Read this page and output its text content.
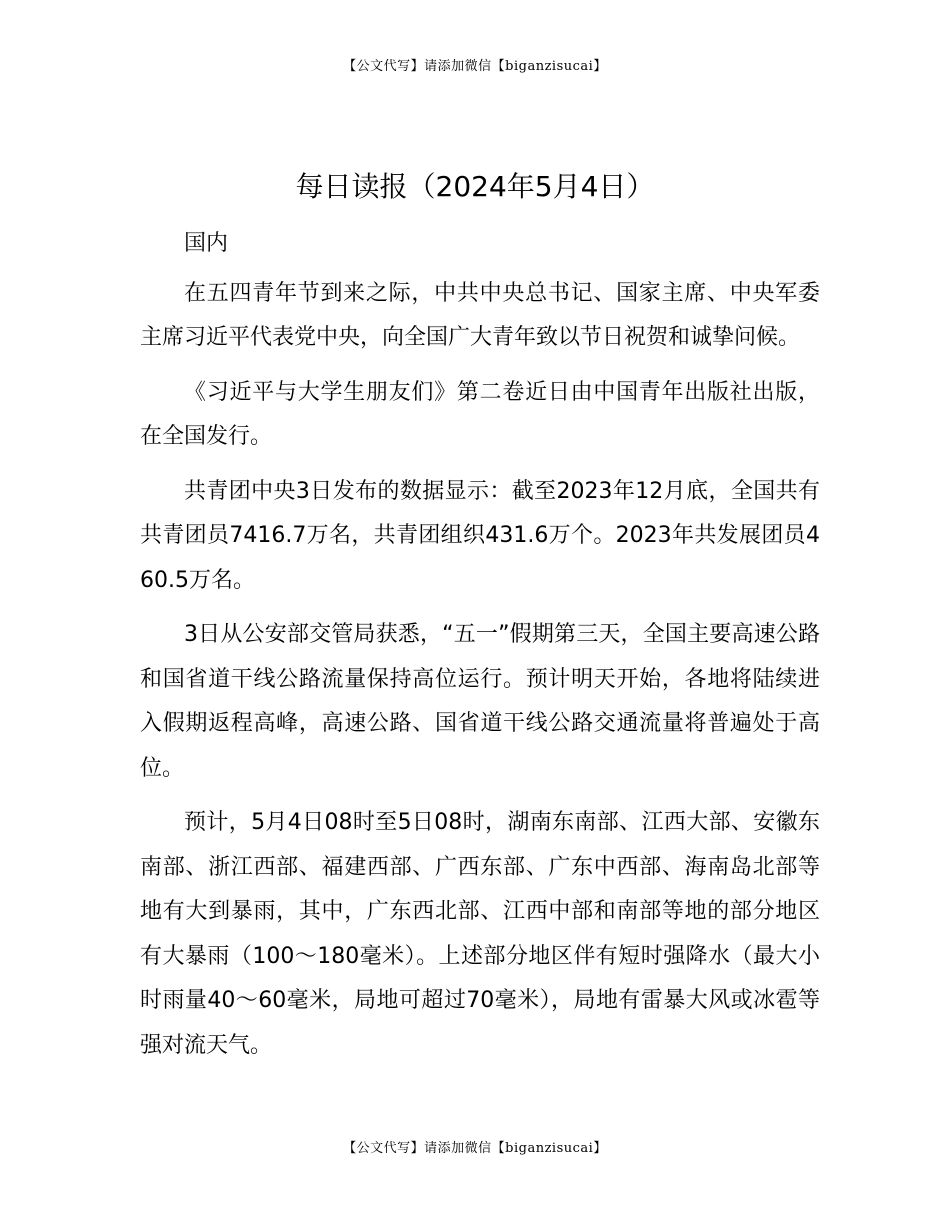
【公文代写】请添加微信【biganzisucai】
每日读报（2024年5月4日）

国内

在五四青年节到来之际，中共中央总书记、国家主席、中央军委主席习近平代表党中央，向全国广大青年致以节日祝贺和诚挚问候。

《习近平与大学生朋友们》第二卷近日由中国青年出版社出版，在全国发行。

共青团中央3日发布的数据显示：截至2023年12月底，全国共有共青团员7416.7万名，共青团组织431.6万个。2023年共发展团员460.5万名。

3日从公安部交管局获悉，“五一”假期第三天，全国主要高速公路和国省道干线公路流量保持高位运行。预计明天开始，各地将陆续进入假期返程高峰，高速公路、国省道干线公路交通流量将普遍处于高位。

预计，5月4日08时至5日08时，湖南东南部、江西大部、安徽东南部、浙江西部、福建西部、广西东部、广东中西部、海南岛北部等地有大到暴雨，其中，广东西北部、江西中部和南部等地的部分地区有大暴雨（100～180毫米）。上述部分地区伴有短时强降水（最大小时雨量40～60毫米，局地可超过70毫米），局地有雷暴大风或冰雹等强对流天气。

【公文代写】请添加微信【biganzisucai】
